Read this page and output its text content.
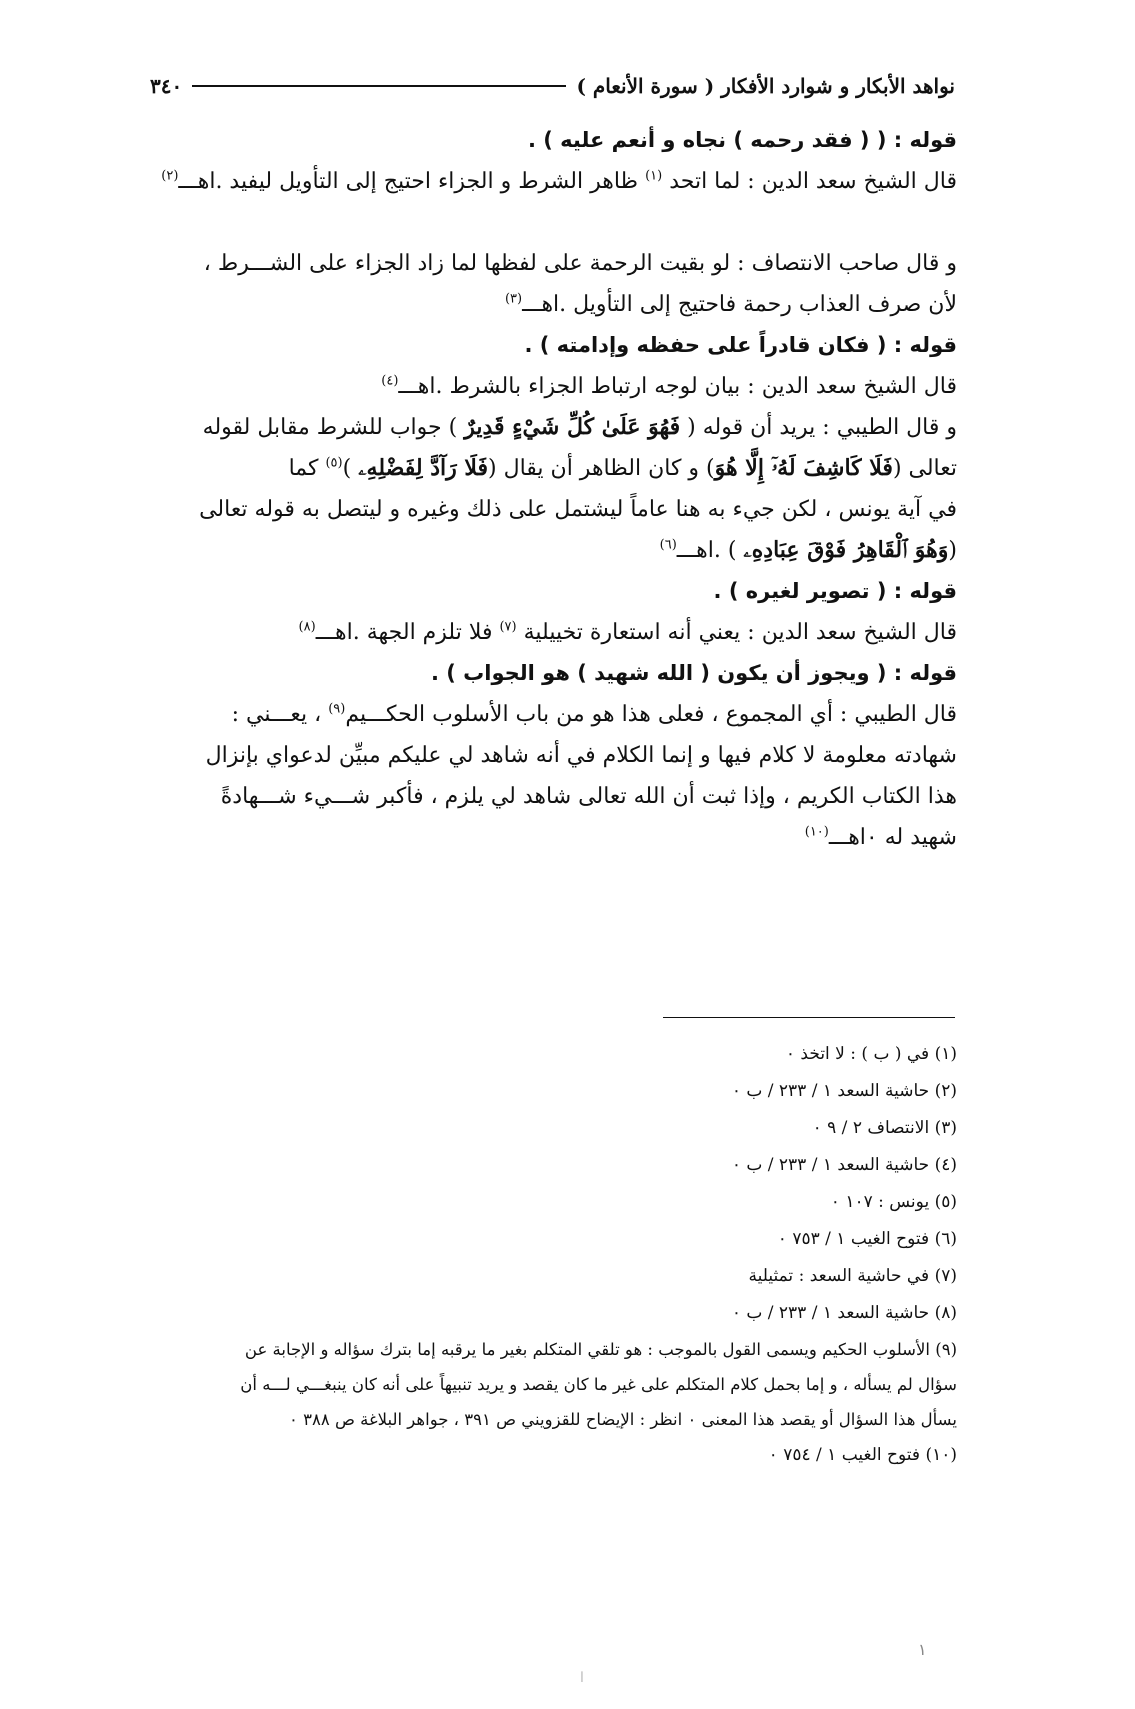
نواهد الأبكار و شوارد الأفكار ( سورة الأنعام )
٣٤٠

قوله : ( ( فقد رحمه ) نجاه و أنعم عليه ) .

قال الشيخ سعد الدين : لما اتحد $^{(١)}$ ظاهر الشرط و الجزاء احتيج إلى التأويل ليفيد .اهـــ$^{(٢)}$

و قال صاحب الانتصاف : لو بقيت الرحمة على لفظها لما زاد الجزاء على الشـــرط ،

لأن صرف العذاب رحمة فاحتيج إلى التأويل .اهـــ$^{(٣)}$

قوله : ( فكان قادراً على حفظه وإدامته ) .

قال الشيخ سعد الدين : بيان لوجه ارتباط الجزاء بالشرط .اهـــ$^{(٤)}$

و قال الطيبي : يريد أن قوله ( فَهُوَ عَلَىٰ كُلِّ شَيْءٍ قَدِيرٌ ) جواب للشرط مقابل لقوله

تعالى (فَلَا كَاشِفَ لَهُۥٓ إِلَّا هُوَ) و كان الظاهر أن يقال (فَلَا رَآدَّ لِفَضْلِهِۦ )$^{(٥)}$ كما

في آية يونس ، لكن جيء به هنا عاماً ليشتمل على ذلك وغيره و ليتصل به قوله تعالى

(وَهُوَ ٱلْقَاهِرُ فَوْقَ عِبَادِهِۦ ) .اهـــ$^{(٦)}$

قوله : ( تصوير لغيره ) .

قال الشيخ سعد الدين : يعني أنه استعارة تخييلية $^{(٧)}$ فلا تلزم الجهة .اهـــ$^{(٨)}$

قوله : ( ويجوز أن يكون ( الله شهيد ) هو الجواب ) .

قال الطيبي : أي المجموع ، فعلى هذا هو من باب الأسلوب الحكـــيم$^{(٩)}$ ، يعـــني :

شهادته معلومة لا كلام فيها و إنما الكلام في أنه شاهد لي عليكم مبيِّن لدعواي بإنزال

هذا الكتاب الكريم ، وإذا ثبت أن الله تعالى شاهد لي يلزم ، فأكبر شـــيء شـــهادةً

شهيد له ٠اهـــ$^{(١٠)}$

(١) في ( ب ) : لا اتخذ ٠

(٢) حاشية السعد ١ / ٢٣٣ / ب ٠

(٣) الانتصاف ٢ / ٩ ٠

(٤) حاشية السعد ١ / ٢٣٣ / ب ٠

(٥) يونس : ١٠٧ ٠

(٦) فتوح الغيب ١ / ٧٥٣ ٠

(٧) في حاشية السعد : تمثيلية

(٨) حاشية السعد ١ / ٢٣٣ / ب ٠

(٩) الأسلوب الحكيم ويسمى القول بالموجب : هو تلقي المتكلم بغير ما يرقبه إما بترك سؤاله و الإجابة عن

سؤال لم يسأله ، و إما بحمل كلام المتكلم على غير ما كان يقصد و يريد تنبيهاً على أنه كان ينبغـــي لـــه أن

يسأل هذا السؤال أو يقصد هذا المعنى ٠ انظر : الإيضاح للقزويني ص ٣٩١ ، جواهر البلاغة ص ٣٨٨ ٠

(١٠) فتوح الغيب ١ / ٧٥٤ ٠

١
ا
